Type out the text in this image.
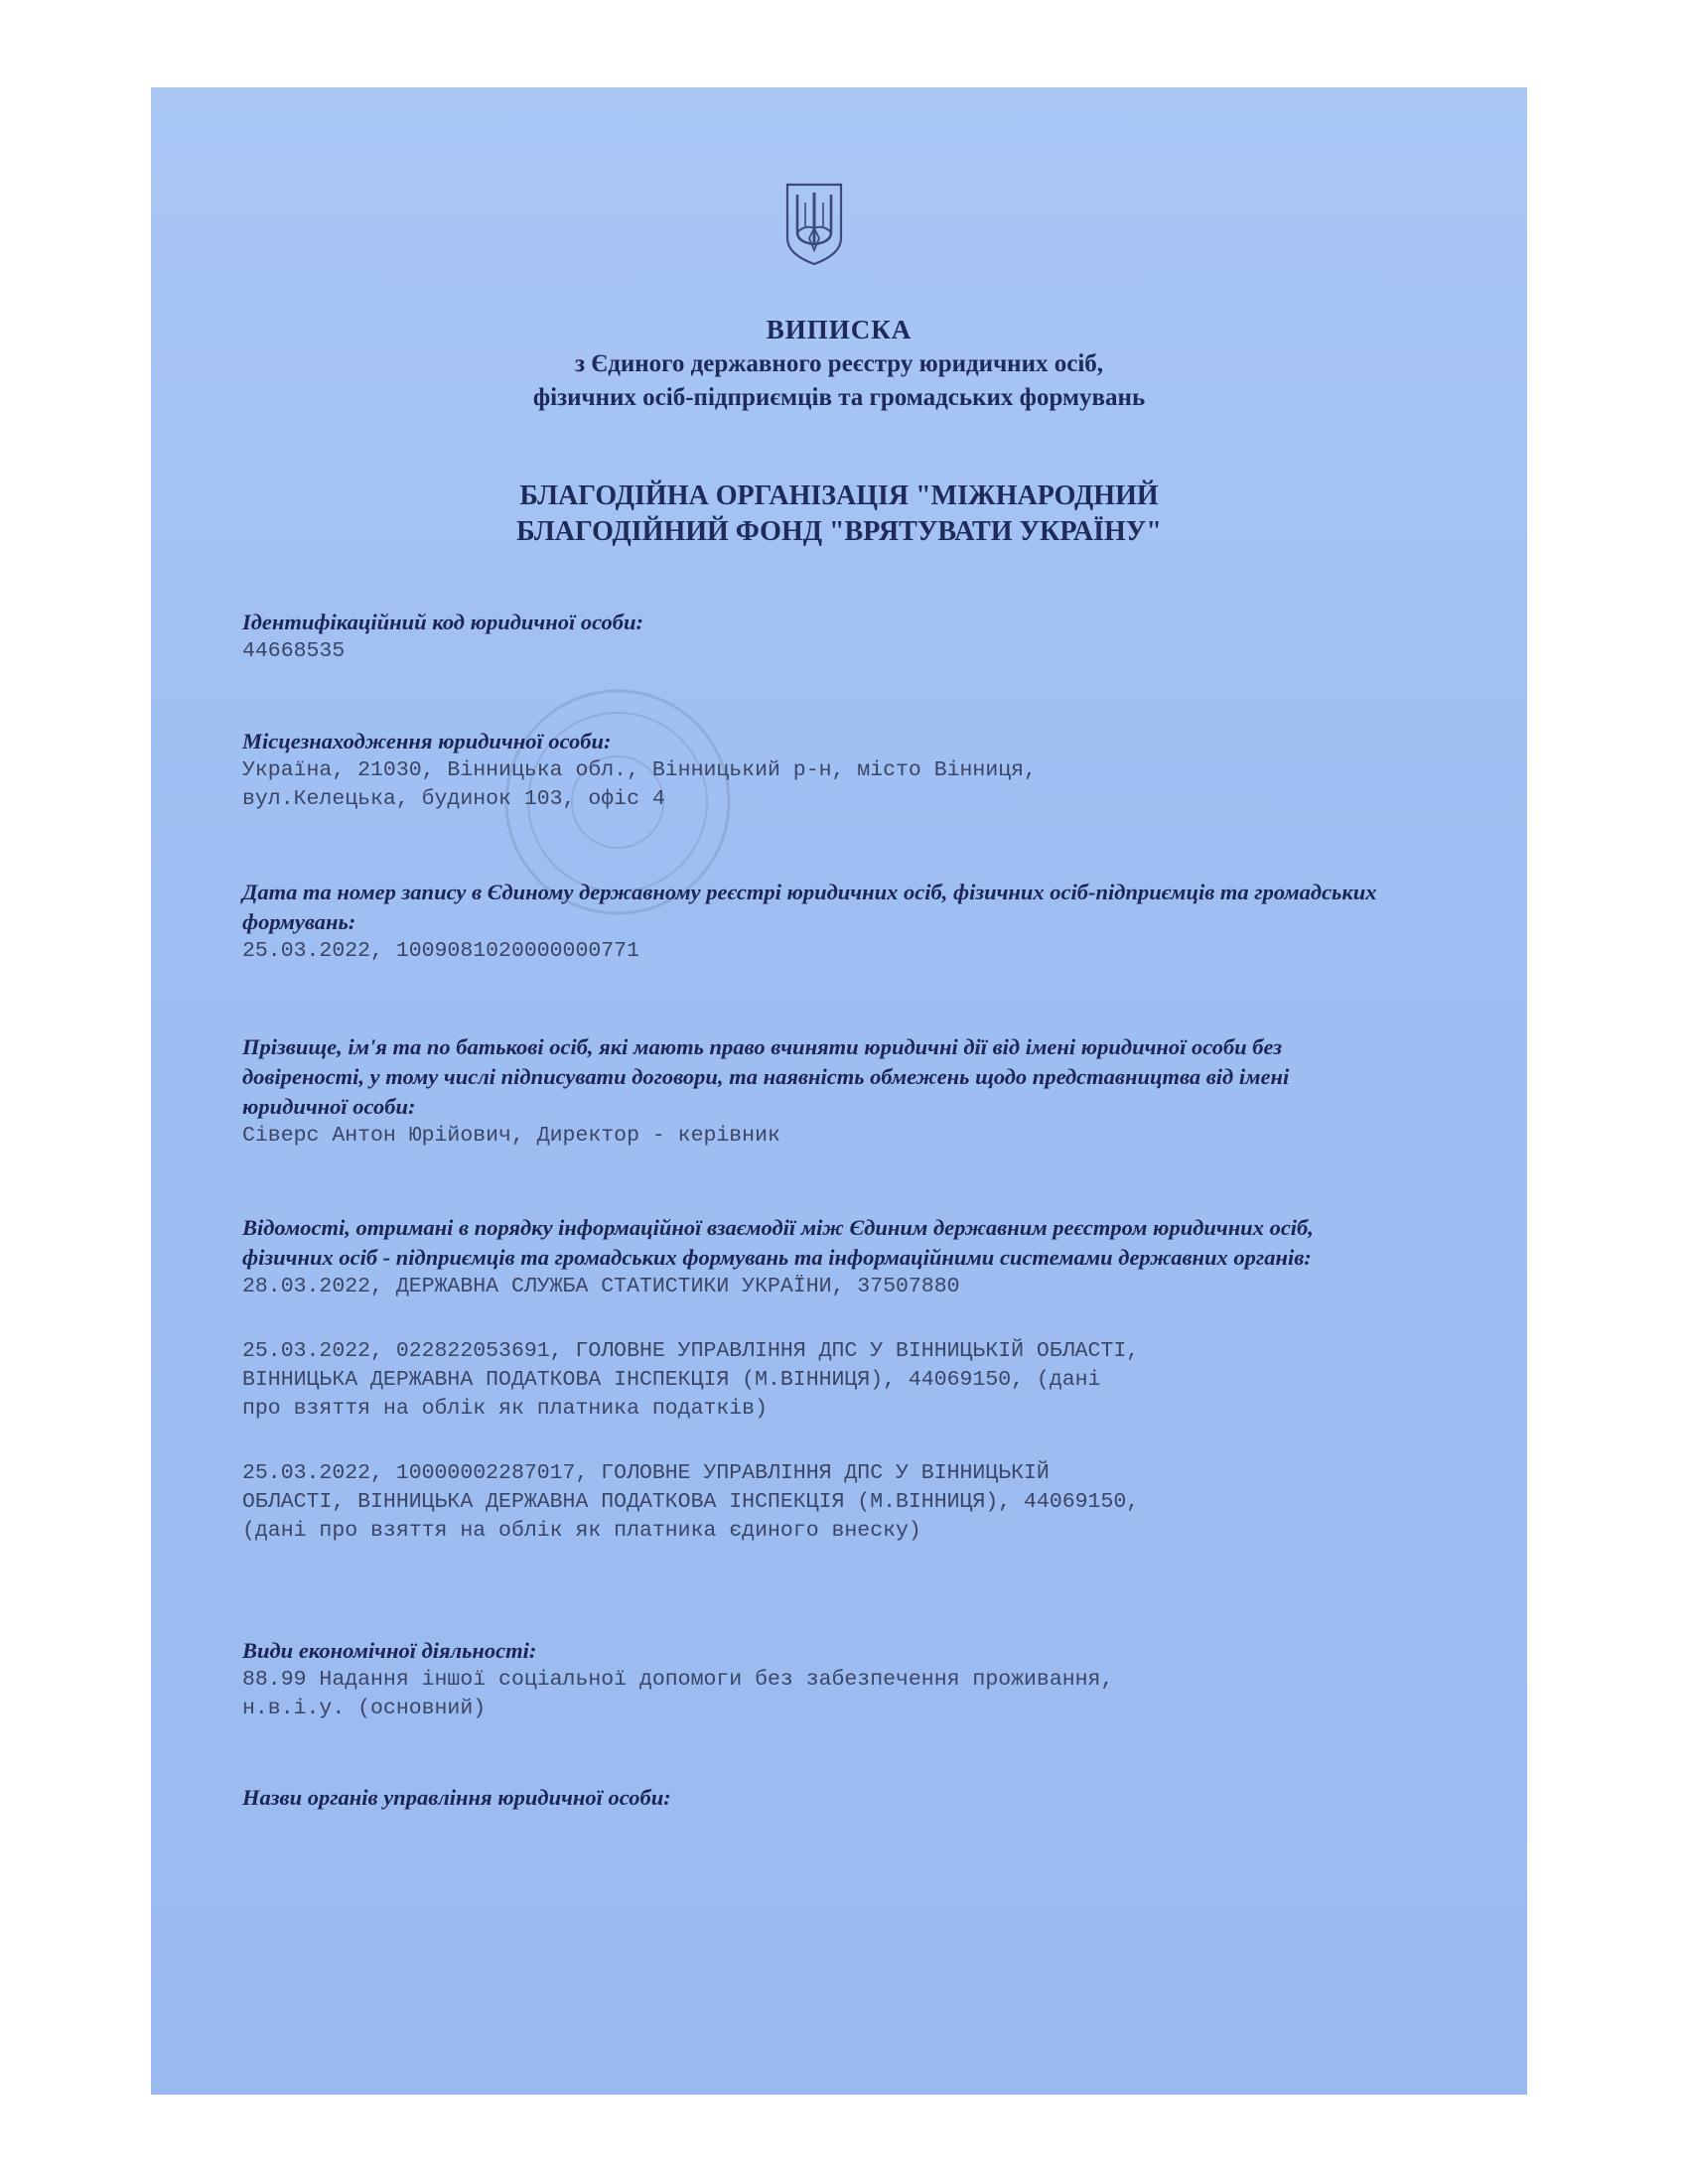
ВИПИСКА
з Єдиного державного реєстру юридичних осіб,
фізичних осіб-підприємців та громадських формувань
БЛАГОДІЙНА ОРГАНІЗАЦІЯ "МІЖНАРОДНИЙ
БЛАГОДІЙНИЙ ФОНД "ВРЯТУВАТИ УКРАЇНУ"
Ідентифікаційний код юридичної особи:
44668535
Місцезнаходження юридичної особи:
Україна, 21030, Вінницька обл., Вінницький р-н, місто Вінниця,
вул.Келецька, будинок 103, офіс 4
Дата та номер запису в Єдиному державному реєстрі юридичних осіб, фізичних осіб-підприємців та громадських формувань:
25.03.2022, 1009081020000000771
Прізвище, ім'я та по батькові осіб, які мають право вчиняти юридичні дії від імені юридичної особи без довіреності, у тому числі підписувати договори, та наявність обмежень щодо представництва від імені юридичної особи:
Сіверс Антон Юрійович, Директор - керівник
Відомості, отримані в порядку інформаційної взаємодії між Єдиним державним реєстром юридичних осіб, фізичних осіб - підприємців та громадських формувань та інформаційними системами державних органів:
28.03.2022, ДЕРЖАВНА СЛУЖБА СТАТИСТИКИ УКРАЇНИ, 37507880
25.03.2022, 022822053691, ГОЛОВНЕ УПРАВЛІННЯ ДПС У ВІННИЦЬКІЙ ОБЛАСТІ,
ВІННИЦЬКА ДЕРЖАВНА ПОДАТКОВА ІНСПЕКЦІЯ (М.ВІННИЦЯ), 44069150, (дані
про взяття на облік як платника податків)
25.03.2022, 10000002287017, ГОЛОВНЕ УПРАВЛІННЯ ДПС У ВІННИЦЬКІЙ
ОБЛАСТІ, ВІННИЦЬКА ДЕРЖАВНА ПОДАТКОВА ІНСПЕКЦІЯ (М.ВІННИЦЯ), 44069150,
(дані про взяття на облік як платника єдиного внеску)
Види економічної діяльності:
88.99 Надання іншої соціальної допомоги без забезпечення проживання,
н.в.і.у. (основний)
Назви органів управління юридичної особи:
